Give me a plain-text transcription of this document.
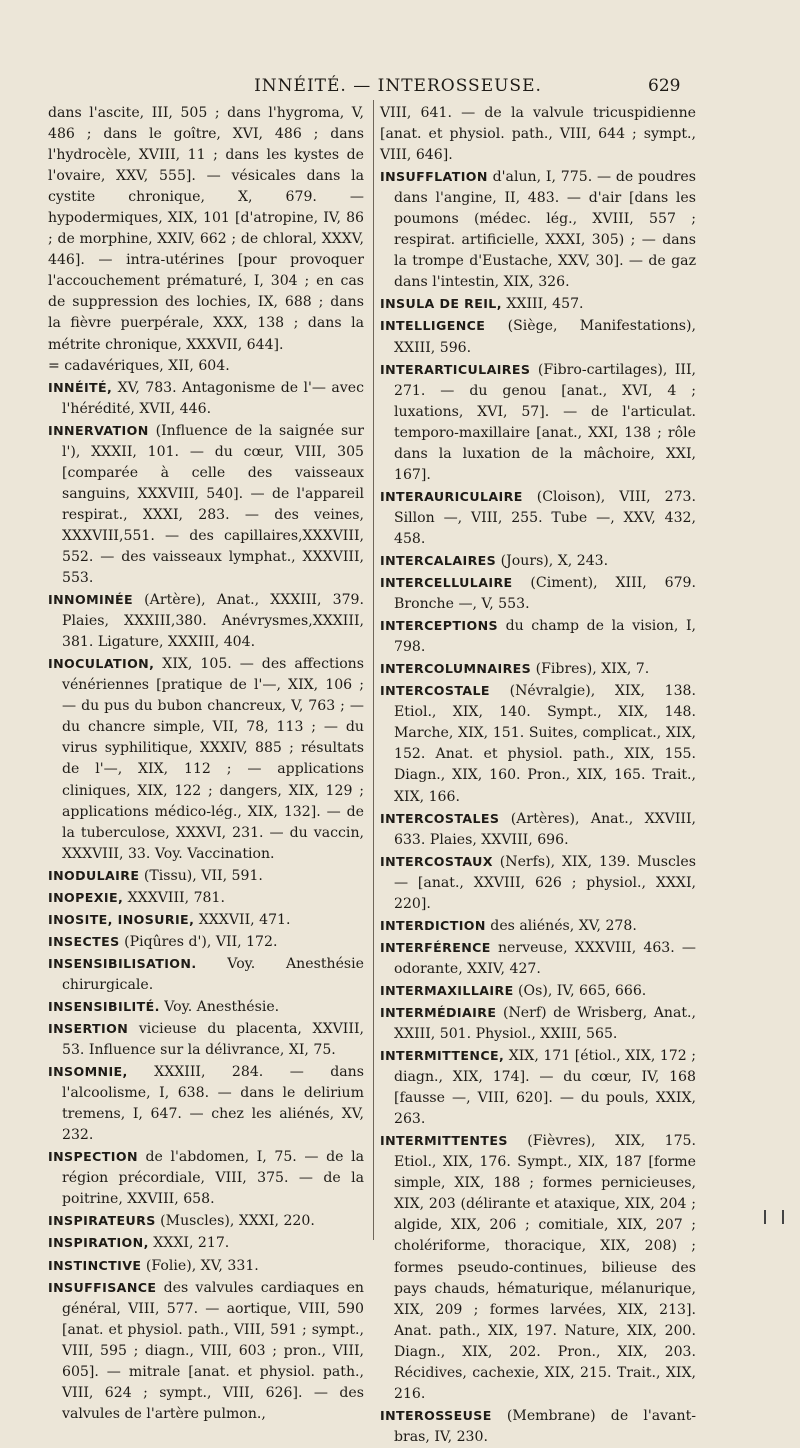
INNÉITÉ. — INTEROSSEUSE.	629

dans l'ascite, III, 505 ; dans l'hygroma, V, 486 ; dans le goître, XVI, 486 ; dans l'hydrocèle, XVIII, 11 ; dans les kystes de l'ovaire, XXV, 555]. — vésicales dans la cystite chronique, X, 679. — hypodermiques, XIX, 101 [d'atropine, IV, 86 ; de morphine, XXIV, 662 ; de chloral, XXXV, 446]. — intra-utérines [pour provoquer l'accouchement prématuré, I, 304 ; en cas de suppression des lochies, IX, 688 ; dans la fièvre puerpérale, XXX, 138 ; dans la métrite chronique, XXXVII, 644].

= cadavériques, XII, 604.

INNÉITÉ, XV, 783. Antagonisme de l'— avec l'hérédité, XVII, 446.

INNERVATION (Influence de la saignée sur l'), XXXII, 101. — du cœur, VIII, 305 [comparée à celle des vaisseaux sanguins, XXXVIII, 540]. — de l'appareil respirat., XXXI, 283. — des veines, XXXVIII,551. — des capillaires,XXXVIII, 552. — des vaisseaux lymphat., XXXVIII, 553.

INNOMINÉE (Artère), Anat., XXXIII, 379. Plaies, XXXIII,380. Anévrysmes,XXXIII, 381. Ligature, XXXIII, 404.

INOCULATION, XIX, 105. — des affections vénériennes [pratique de l'—, XIX, 106 ; — du pus du bubon chancreux, V, 763 ; — du chancre simple, VII, 78, 113 ; — du virus syphilitique, XXXIV, 885 ; résultats de l'—, XIX, 112 ; — applications cliniques, XIX, 122 ; dangers, XIX, 129 ; applications médico-lég., XIX, 132]. — de la tuberculose, XXXVI, 231. — du vaccin, XXXVIII, 33. Voy. Vaccination.

INODULAIRE (Tissu), VII, 591.

INOPEXIE, XXXVIII, 781.

INOSITE, INOSURIE, XXXVII, 471.

INSECTES (Piqûres d'), VII, 172.

INSENSIBILISATION. Voy. Anesthésie chirurgicale.

INSENSIBILITÉ. Voy. Anesthésie.

INSERTION vicieuse du placenta, XXVIII, 53. Influence sur la délivrance, XI, 75.

INSOMNIE, XXXIII, 284. — dans l'alcoolisme, I, 638. — dans le delirium tremens, I, 647. — chez les aliénés, XV, 232.

INSPECTION de l'abdomen, I, 75. — de la région précordiale, VIII, 375. — de la poitrine, XXVIII, 658.

INSPIRATEURS (Muscles), XXXI, 220.

INSPIRATION, XXXI, 217.

INSTINCTIVE (Folie), XV, 331.

INSUFFISANCE des valvules cardiaques en général, VIII, 577. — aortique, VIII, 590 [anat. et physiol. path., VIII, 591 ; sympt., VIII, 595 ; diagn., VIII, 603 ; pron., VIII, 605]. — mitrale [anat. et physiol. path., VIII, 624 ; sympt., VIII, 626]. — des valvules de l'artère pulmon.,

VIII, 641. — de la valvule tricuspidienne [anat. et physiol. path., VIII, 644 ; sympt., VIII, 646].

INSUFFLATION d'alun, I, 775. — de poudres dans l'angine, II, 483. — d'air [dans les poumons (médec. lég., XVIII, 557 ; respirat. artificielle, XXXI, 305) ; — dans la trompe d'Eustache, XXV, 30]. — de gaz dans l'intestin, XIX, 326.

INSULA DE REIL, XXIII, 457.

INTELLIGENCE (Siège, Manifestations), XXIII, 596.

INTERARTICULAIRES (Fibro-cartilages), III, 271. — du genou [anat., XVI, 4 ; luxations, XVI, 57]. — de l'articulat. temporo-maxillaire [anat., XXI, 138 ; rôle dans la luxation de la mâchoire, XXI, 167].

INTERAURICULAIRE (Cloison), VIII, 273. Sillon —, VIII, 255. Tube —, XXV, 432, 458.

INTERCALAIRES (Jours), X, 243.

INTERCELLULAIRE (Ciment), XIII, 679. Bronche —, V, 553.

INTERCEPTIONS du champ de la vision, I, 798.

INTERCOLUMNAIRES (Fibres), XIX, 7.

INTERCOSTALE (Névralgie), XIX, 138. Etiol., XIX, 140. Sympt., XIX, 148. Marche, XIX, 151. Suites, complicat., XIX, 152. Anat. et physiol. path., XIX, 155. Diagn., XIX, 160. Pron., XIX, 165. Trait., XIX, 166.

INTERCOSTALES (Artères), Anat., XXVIII, 633. Plaies, XXVIII, 696.

INTERCOSTAUX (Nerfs), XIX, 139. Muscles — [anat., XXVIII, 626 ; physiol., XXXI, 220].

INTERDICTION des aliénés, XV, 278.

INTERFÉRENCE nerveuse, XXXVIII, 463. — odorante, XXIV, 427.

INTERMAXILLAIRE (Os), IV, 665, 666.

INTERMÉDIAIRE (Nerf) de Wrisberg, Anat., XXIII, 501. Physiol., XXIII, 565.

INTERMITTENCE, XIX, 171 [étiol., XIX, 172 ; diagn., XIX, 174]. — du cœur, IV, 168 [fausse —, VIII, 620]. — du pouls, XXIX, 263.

INTERMITTENTES (Fièvres), XIX, 175. Etiol., XIX, 176. Sympt., XIX, 187 [forme simple, XIX, 188 ; formes pernicieuses, XIX, 203 (délirante et ataxique, XIX, 204 ; algide, XIX, 206 ; comitiale, XIX, 207 ; cholériforme, thoracique, XIX, 208) ; formes pseudo-continues, bilieuse des pays chauds, hématurique, mélanurique, XIX, 209 ; formes larvées, XIX, 213]. Anat. path., XIX, 197. Nature, XIX, 200. Diagn., XIX, 202. Pron., XIX, 203. Récidives, cachexie, XIX, 215. Trait., XIX, 216.

INTEROSSEUSE (Membrane) de l'avant-bras, IV, 230.
